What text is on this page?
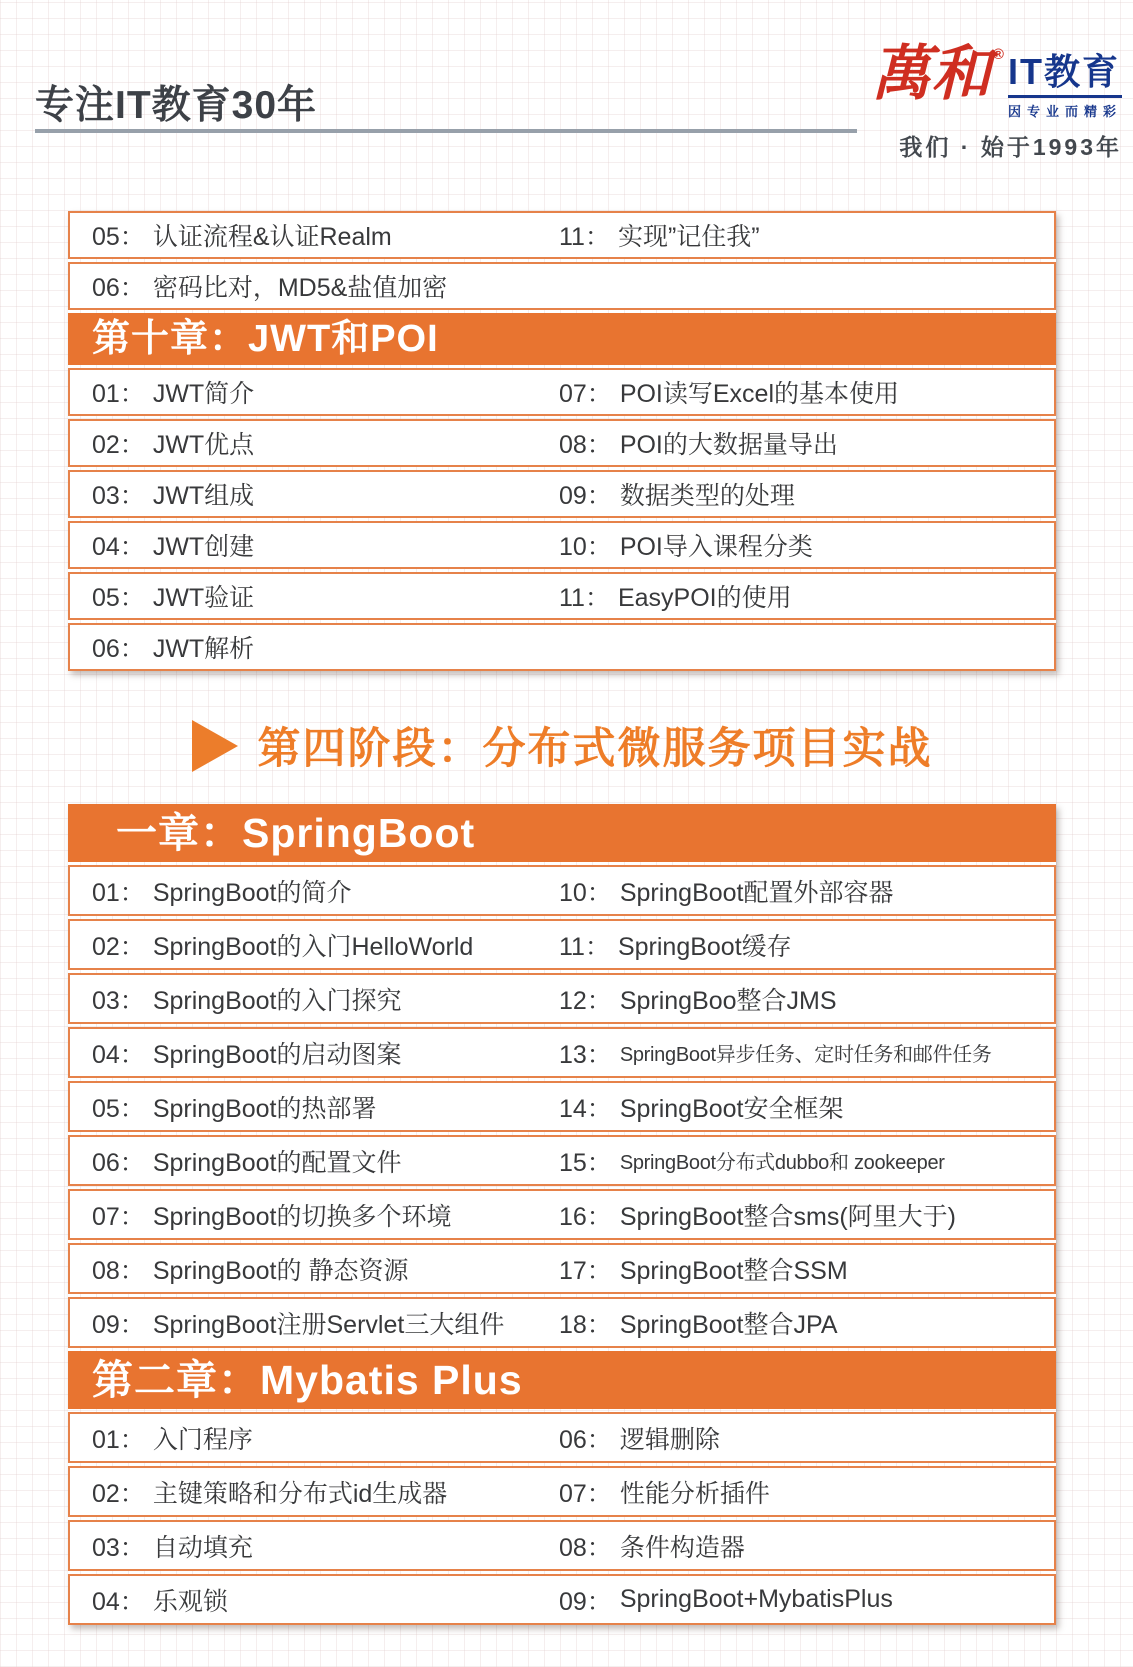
专注IT教育30年	萬和 ® IT教育
因专业而精彩
我们 · 始于1993年
05： 认证流程&认证Realm	11： 实现”记住我”
06： 密码比对，MD5&盐值加密
第十章：JWT和POI
01： JWT简介	07： POI读写Excel的基本使用
02： JWT优点	08： POI的大数据量导出
03： JWT组成	09： 数据类型的处理
04： JWT创建	10： POI导入课程分类
05： JWT验证	11： EasyPOI的使用
06： JWT解析
第四阶段：分布式微服务项目实战
一章：SpringBoot
01： SpringBoot的简介	10： SpringBoot配置外部容器
02： SpringBoot的入门HelloWorld	11： SpringBoot缓存
03： SpringBoot的入门探究	12： SpringBoo整合JMS
04： SpringBoot的启动图案	13： SpringBoot异步任务、定时任务和邮件任务
05： SpringBoot的热部署	14： SpringBoot安全框架
06： SpringBoot的配置文件	15： SpringBoot分布式dubbo和 zookeeper
07： SpringBoot的切换多个环境	16： SpringBoot整合sms(阿里大于)
08： SpringBoot的 静态资源	17： SpringBoot整合SSM
09： SpringBoot注册Servlet三大组件 18： SpringBoot整合JPA
第二章：Mybatis Plus
01： 入门程序	06： 逻辑删除
02： 主键策略和分布式id生成器	07： 性能分析插件
03： 自动填充	08： 条件构造器
04： 乐观锁	09： SpringBoot+MybatisPlus
